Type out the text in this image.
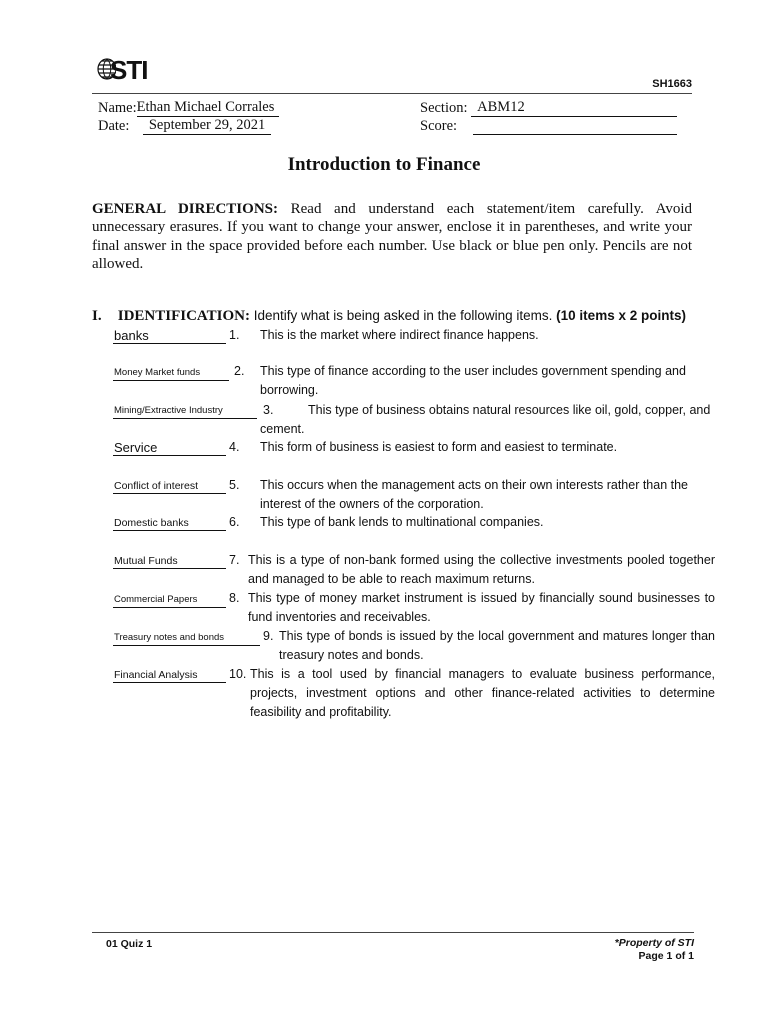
STI	SH1663
Name:Ethan Michael Corrales
Date: September 29, 2021
Section: ABM12
Score:
Introduction to Finance
GENERAL DIRECTIONS: Read and understand each statement/item carefully. Avoid unnecessary erasures. If you want to change your answer, enclose it in parentheses, and write your final answer in the space provided before each number. Use black or blue pen only. Pencils are not allowed.
I. IDENTIFICATION: Identify what is being asked in the following items. (10 items x 2 points)
banks	1. This is the market where indirect finance happens.
Money Market funds	2. This type of finance according to the user includes government spending and borrowing.
Mining/Extractive Industry	3.	This type of business obtains natural resources like oil, gold, copper, and cement.
Service	4. This form of business is easiest to form and easiest to terminate.
Conflict of interest	5. This occurs when the management acts on their own interests rather than the interest of the owners of the corporation.
Domestic banks	6. This type of bank lends to multinational companies.
Mutual Funds	7. This is a type of non-bank formed using the collective investments pooled together and managed to be able to reach maximum returns.
Commercial Papers	8. This type of money market instrument is issued by financially sound businesses to fund inventories and receivables.
Treasury notes and bonds	9. This type of bonds is issued by the local government and matures longer than treasury notes and bonds.
Financial Analysis	10. This is a tool used by financial managers to evaluate business performance, projects, investment options and other finance-related activities to determine feasibility and profitability.
01 Quiz 1	*Property of STI
Page 1 of 1
